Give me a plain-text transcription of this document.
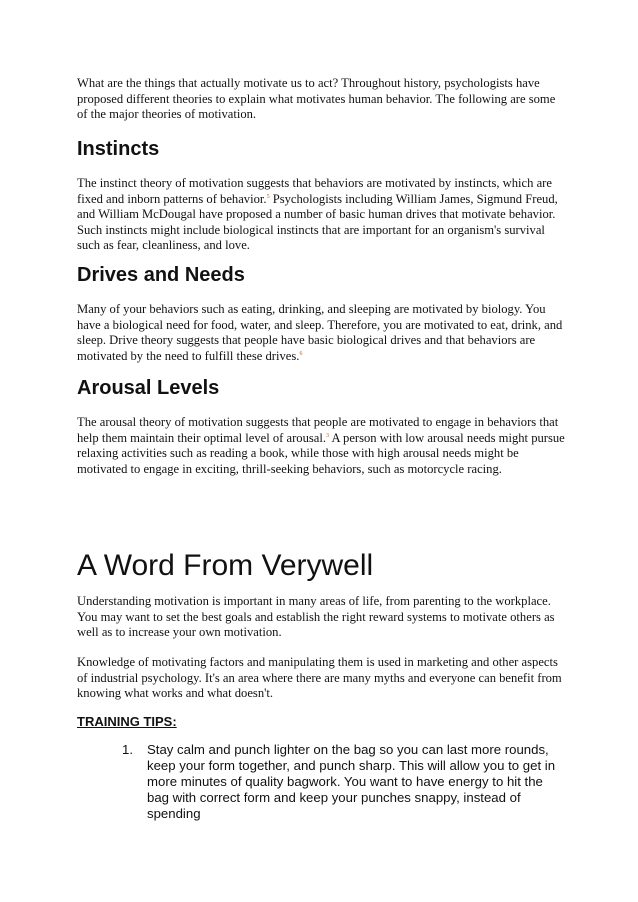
What are the things that actually motivate us to act? Throughout history, psychologists have proposed different theories to explain what motivates human behavior. The following are some of the major theories of motivation.

Instincts

The instinct theory of motivation suggests that behaviors are motivated by instincts, which are fixed and inborn patterns of behavior.$^5$ Psychologists including William James, Sigmund Freud, and William McDougal have proposed a number of basic human drives that motivate behavior. Such instincts might include biological instincts that are important for an organism's survival such as fear, cleanliness, and love.

Drives and Needs

Many of your behaviors such as eating, drinking, and sleeping are motivated by biology. You have a biological need for food, water, and sleep. Therefore, you are motivated to eat, drink, and sleep. Drive theory suggests that people have basic biological drives and that behaviors are motivated by the need to fulfill these drives.$^6$

Arousal Levels

The arousal theory of motivation suggests that people are motivated to engage in behaviors that help them maintain their optimal level of arousal.$^3$ A person with low arousal needs might pursue relaxing activities such as reading a book, while those with high arousal needs might be motivated to engage in exciting, thrill-seeking behaviors, such as motorcycle racing.

A Word From Verywell

Understanding motivation is important in many areas of life, from parenting to the workplace. You may want to set the best goals and establish the right reward systems to motivate others as well as to increase your own motivation.

Knowledge of motivating factors and manipulating them is used in marketing and other aspects of industrial psychology. It's an area where there are many myths and everyone can benefit from knowing what works and what doesn't.

TRAINING TIPS:

1. Stay calm and punch lighter on the bag so you can last more rounds, keep your form together, and punch sharp. This will allow you to get in more minutes of quality bagwork. You want to have energy to hit the bag with correct form and keep your punches snappy, instead of spending
